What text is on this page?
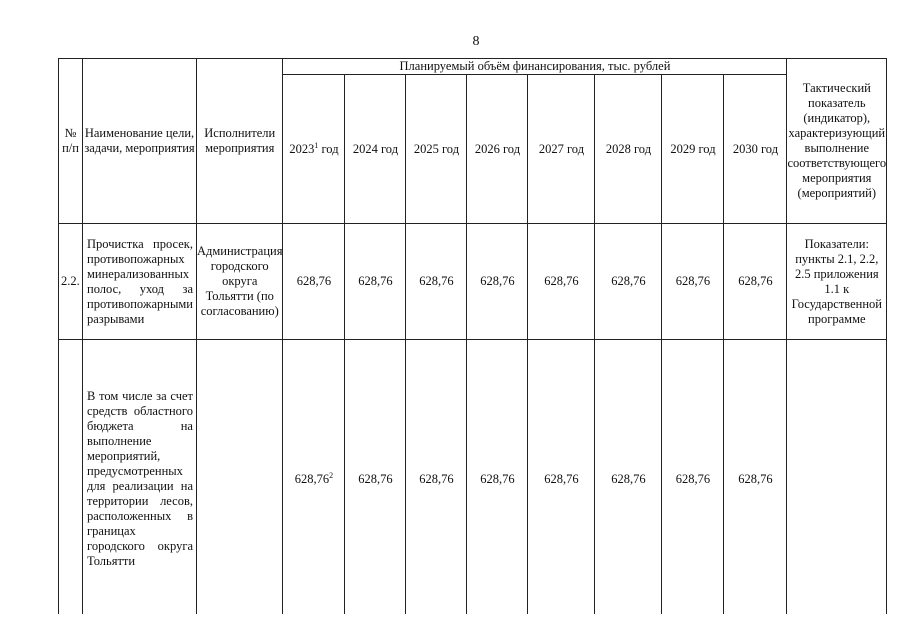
8
№ п/п	Наименование цели, задачи, мероприятия	Исполнители мероприятия	Планируемый объём финансирования, тыс. рублей								Тактический показатель (индикатор), характеризующий выполнение соответствующего мероприятия (мероприятий)
			2023$^1$ год	2024 год	2025 год	2026 год	2027 год	2028 год	2029 год	2030 год	
2.2.	Прочистка просек, противопожарных минерализованных полос, уход за противопожарными разрывами	Администрация городского округа Тольятти (по согласованию)	628,76	628,76	628,76	628,76	628,76	628,76	628,76	628,76	Показатели: пункты 2.1, 2.2, 2.5 приложения 1.1 к Государственной программе
	В том числе за счет средств областного бюджета на выполнение мероприятий, предусмотренных для реализации на территории лесов, расположенных в границах городского округа Тольятти		628,76$^2$	628,76	628,76	628,76	628,76	628,76	628,76	628,76	
